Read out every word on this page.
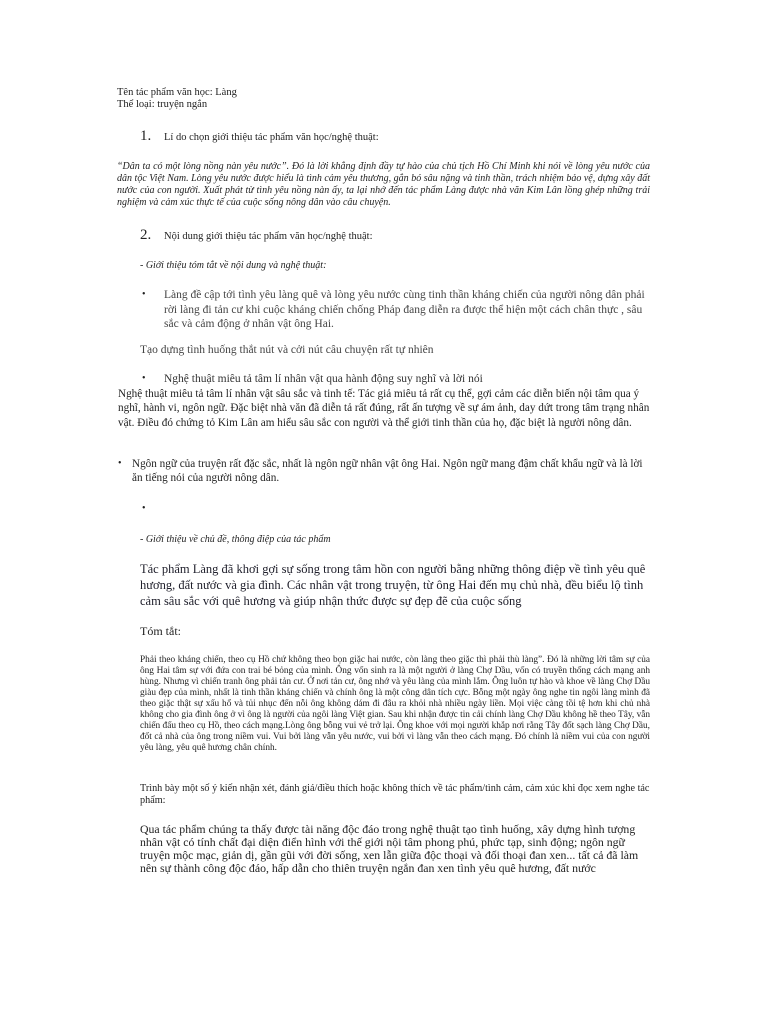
Tên tác phẩm văn học: Làng
Thể loại: truyện ngắn
1.	Lí do chọn giới thiệu tác phẩm văn học/nghệ thuật:

“Dân ta có một lòng nồng nàn yêu nước”. Đó là lời khẳng định đầy tự hào của chủ tịch Hồ Chí Minh khi nói về lòng yêu nước của dân tộc Việt Nam. Lòng yêu nước được hiểu là tình cảm yêu thương, gắn bó sâu nặng và tinh thần, trách nhiệm bảo vệ, dựng xây đất nước của con người. Xuất phát từ tình yêu nồng nàn ấy, ta lại nhớ đến tác phẩm Làng được nhà văn Kim Lân lồng ghép những trải nghiệm và cảm xúc thực tế của cuộc sống nông dân vào câu chuyện.

2.	Nội dung giới thiệu tác phẩm văn học/nghệ thuật:
- Giới thiệu tóm tắt về nội dung và nghệ thuật:
•	Làng đề cập tới tình yêu làng quê và lòng yêu nước cùng tinh thần kháng chiến của người nông dân phải rời làng đi tản cư khi cuộc kháng chiến chống Pháp đang diễn ra được thể hiện một cách chân thực , sâu sắc và cảm động ở nhân vật ông Hai.
Tạo dựng tình huống thắt nút và cởi nút câu chuyện rất tự nhiên
•	Nghệ thuật miêu tả tâm lí nhân vật qua hành động suy nghĩ và lời nói

Nghệ thuật miêu tả tâm lí nhân vật sâu sắc và tinh tế: Tác giả miêu tả rất cụ thể, gợi cảm các diễn biến nội tâm qua ý nghĩ, hành vi, ngôn ngữ. Đặc biệt nhà văn đã diễn tả rất đúng, rất ấn tượng về sự ám ảnh, day dứt trong tâm trạng nhân vật. Điều đó chứng tỏ Kim Lân am hiểu sâu sắc con người và thể giới tinh thần của họ, đặc biệt là người nông dân.

• Ngôn ngữ của truyện rất đặc sắc, nhất là ngôn ngữ nhân vật ông Hai. Ngôn ngữ mang đậm chất khẩu ngữ và là lời ăn tiếng nói của người nông dân.
•
- Giới thiệu về chủ đề, thông điệp của tác phẩm

Tác phẩm Làng đã khơi gợi sự sống trong tâm hồn con người bằng những thông điệp về tình yêu quê hương, đất nước và gia đình. Các nhân vật trong truyện, từ ông Hai đến mụ chủ nhà, đều biểu lộ tình cảm sâu sắc với quê hương và giúp nhận thức được sự đẹp đẽ của cuộc sống

Tóm tắt:

Phải theo kháng chiến, theo cụ Hồ chứ không theo bọn giặc hai nước, còn làng theo giặc thì phải thù làng”. Đó là những lời tâm sự của ông Hai tâm sự với đứa con trai bé bỏng của mình. Ông vốn sinh ra là một người ở làng Chợ Dầu, vốn có truyền thống cách mạng anh hùng. Nhưng vì chiến tranh ông phải tản cư. Ở nơi tản cư, ông nhớ và yêu làng của mình lắm. Ông luôn tự hào và khoe về làng Chợ Dầu giàu đẹp của mình, nhất là tinh thần kháng chiến và chính ông là một công dân tích cực. Bỗng một ngày ông nghe tin ngôi làng mình đã theo giặc thật sự xấu hổ và tủi nhục đến nỗi ông không dám đi đâu ra khỏi nhà nhiều ngày liền. Mọi việc càng tồi tệ hơn khi chủ nhà không cho gia đình ông ở vì ông là người của ngôi làng Việt gian. Sau khi nhận được tin cải chính làng Chợ Dầu không hề theo Tây, vẫn chiến đấu theo cụ Hồ, theo cách mạng.Lòng ông bỗng vui vẻ trở lại. Ông khoe với mọi người khắp nơi rằng Tây đốt sạch làng Chợ Dầu, đốt cả nhà của ông trong niềm vui. Vui bởi làng vẫn yêu nước, vui bởi vì làng vẫn theo cách mạng. Đó chính là niềm vui của con người yêu làng, yêu quê hương chân chính.

Trình bày một số ý kiến nhận xét, đánh giá/điều thích hoặc không thích về tác phẩm/tình cảm, cảm xúc khi đọc xem nghe tác phẩm:

Qua tác phẩm chúng ta thấy được tài năng độc đáo trong nghệ thuật tạo tình huống, xây dựng hình tượng nhân vật có tính chất đại diện điển hình với thế giới nội tâm phong phú, phức tạp, sinh động; ngôn ngữ truyện mộc mạc, giản dị, gần gũi với đời sống, xen lẫn giữa độc thoại và đối thoại đan xen... tất cả đã làm nên sự thành công độc đáo, hấp dẫn cho thiên truyện ngắn đan xen tình yêu quê hương, đất nước
